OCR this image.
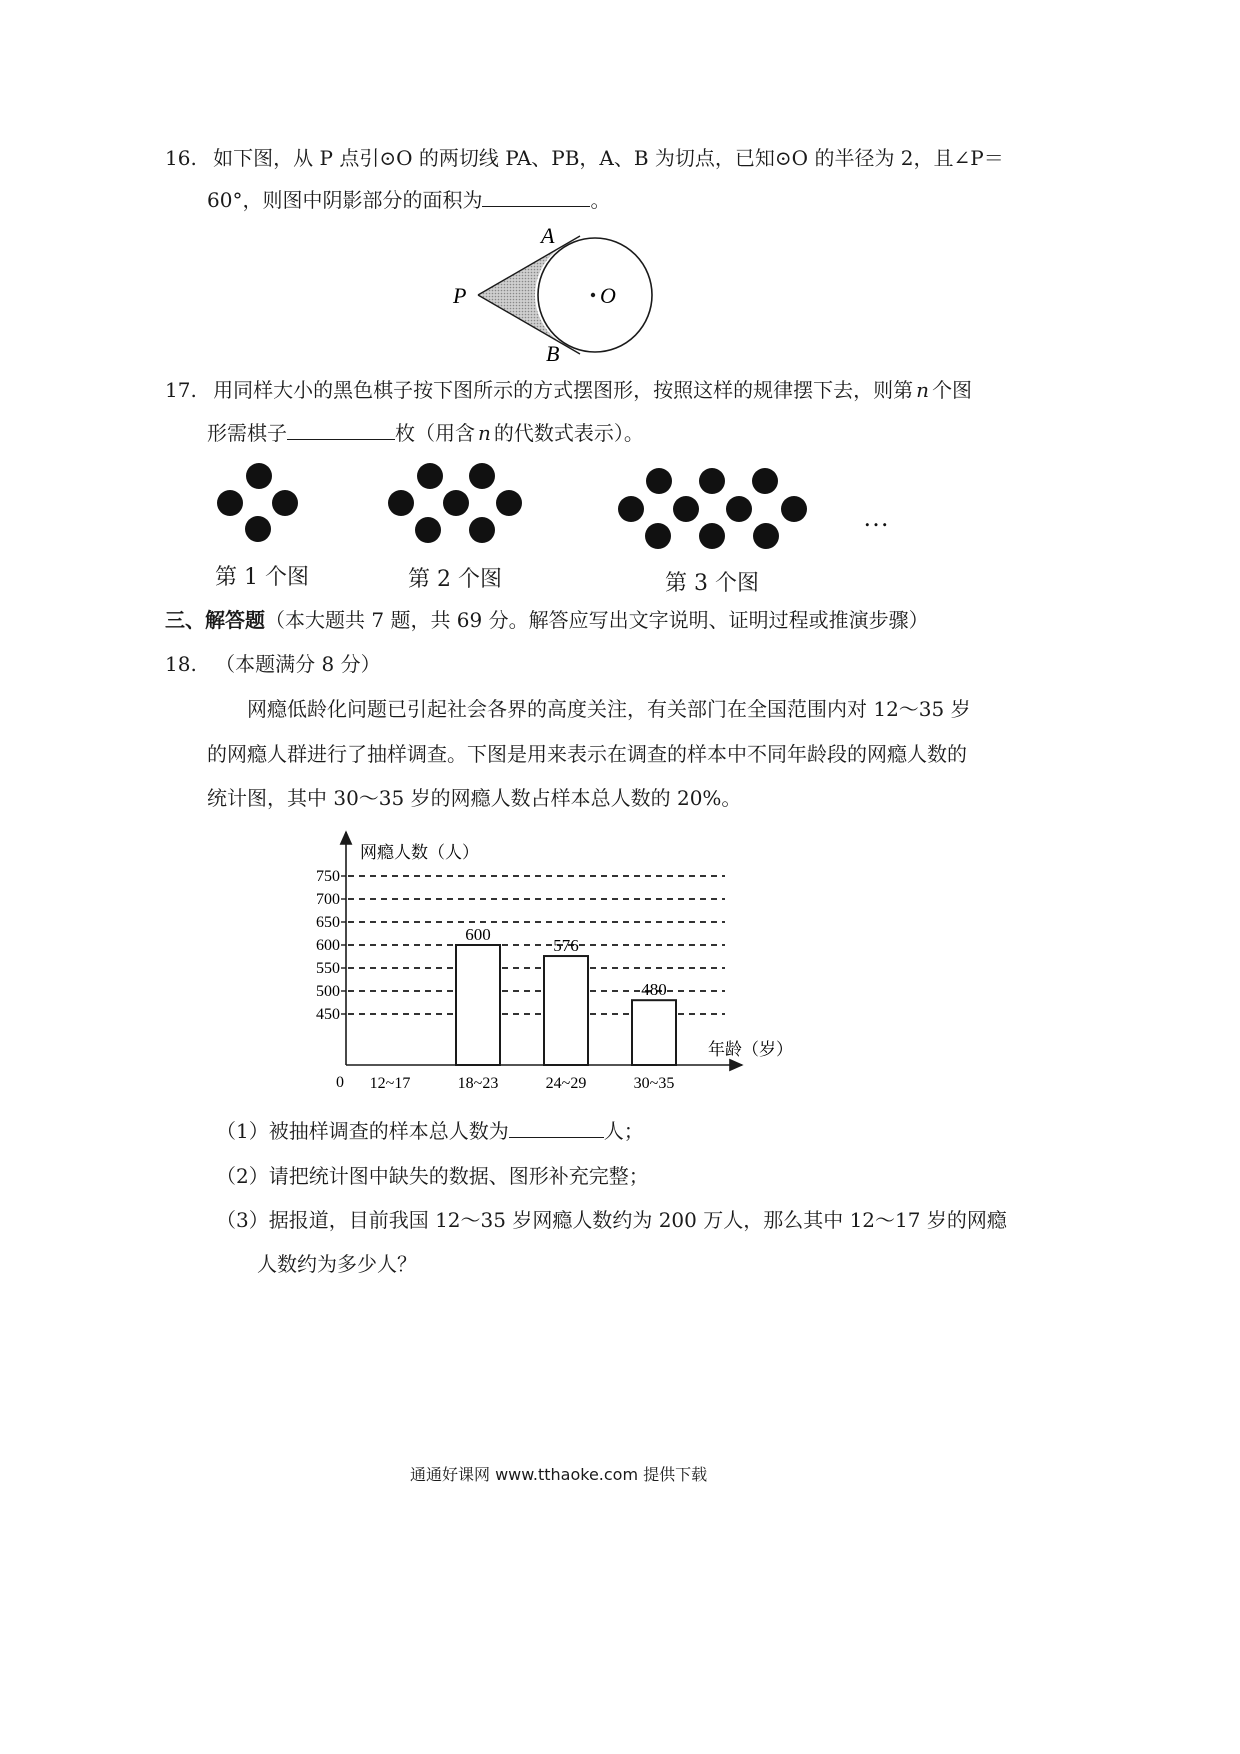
16. 如下图，从 P 点引⊙O 的两切线 PA、PB，A、B 为切点，已知⊙O 的半径为 2，且∠P＝
60°，则图中阴影部分的面积为	。
A
B
P	O
17. 用同样大小的黑色棋子按下图所示的方式摆图形，按照这样的规律摆下去，则第 n 个图
形需棋子	枚（用含 n 的代数式表示）。
…
第 1 个图	第 2 个图	第 3 个图
三、解答题（本大题共 7 题，共 69 分。解答应写出文字说明、证明过程或推演步骤）
18. （本题满分 8 分）
网瘾低龄化问题已引起社会各界的高度关注，有关部门在全国范围内对 12～35 岁
的网瘾人群进行了抽样调查。下图是用来表示在调查的样本中不同年龄段的网瘾人数的
统计图，其中 30～35 岁的网瘾人数占样本总人数的 20%。
450
500
550
600
650
700
750
600
576
480
12~17	18~23	24~29	30~35
网瘾人数（人）
年龄（岁）
0
（1）被抽样调查的样本总人数为	人；
（2）请把统计图中缺失的数据、图形补充完整；
（3）据报道，目前我国 12～35 岁网瘾人数约为 200 万人，那么其中 12～17 岁的网瘾
人数约为多少人？
通通好课网 www.tthaoke.com 提供下载
